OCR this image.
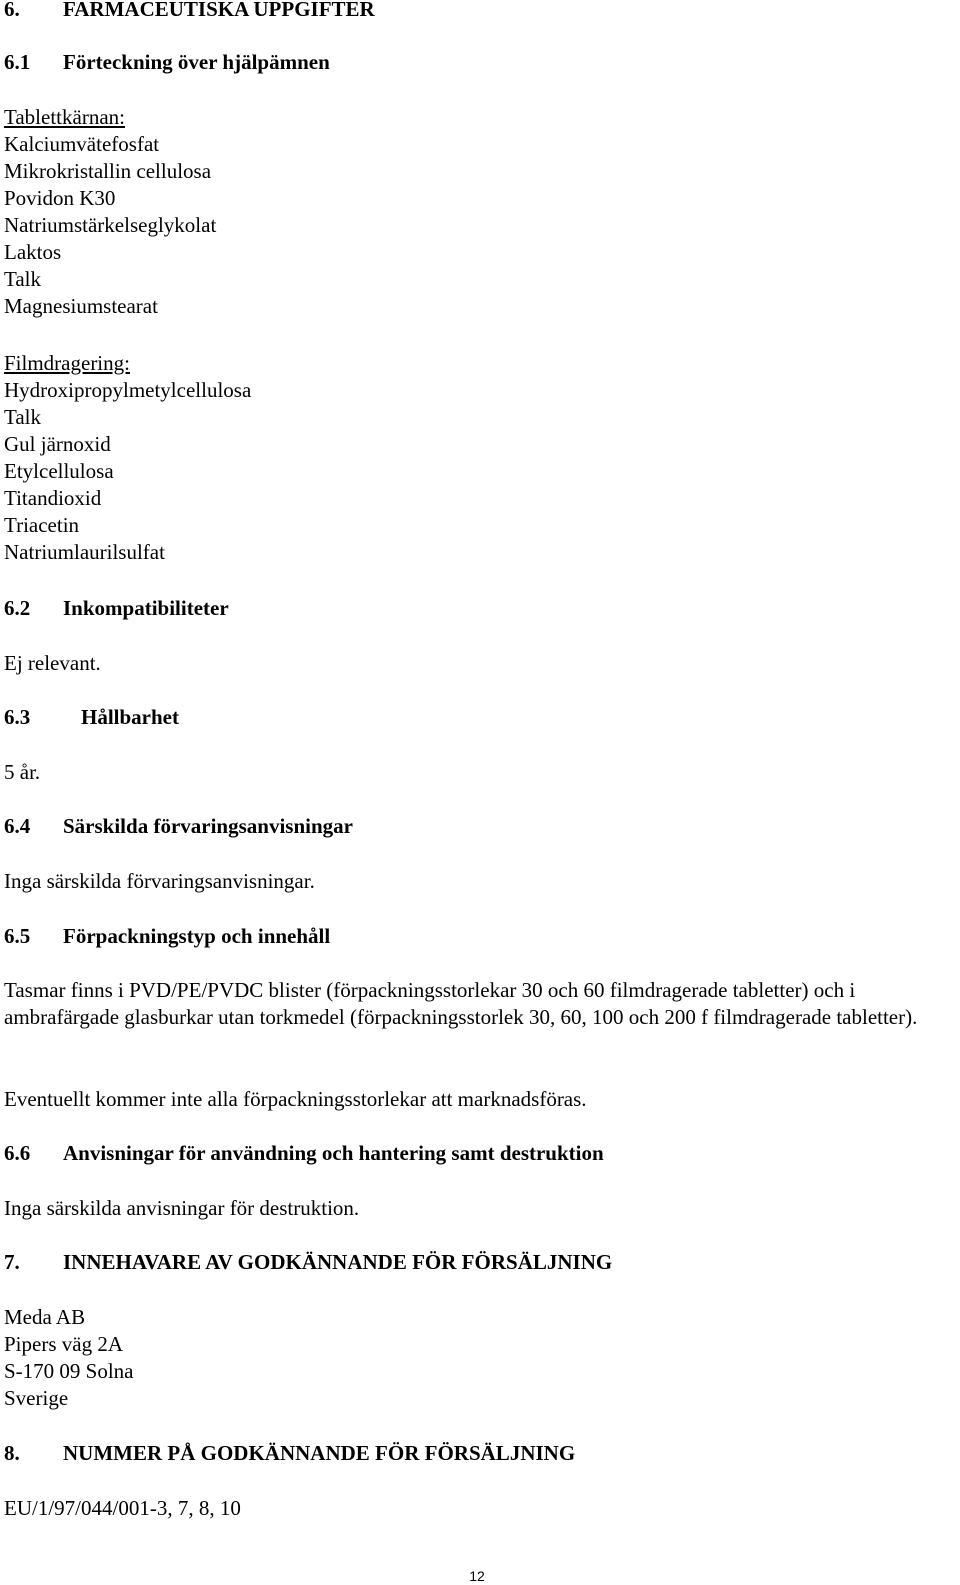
6. FARMACEUTISKA UPPGIFTER

6.1 Förteckning över hjälpämnen

Tablettkärnan:
Kalciumvätefosfat
Mikrokristallin cellulosa
Povidon K30
Natriumstärkelseglykolat
Laktos
Talk
Magnesiumstearat
Filmdragering:
Hydroxipropylmetylcellulosa
Talk
Gul järnoxid
Etylcellulosa
Titandioxid
Triacetin
Natriumlaurilsulfat

6.2 Inkompatibiliteter

Ej relevant.

6.3 Hållbarhet

5 år.

6.4 Särskilda förvaringsanvisningar

Inga särskilda förvaringsanvisningar.

6.5 Förpackningstyp och innehåll

Tasmar finns i PVD/PE/PVDC blister (förpackningsstorlekar 30 och 60 filmdragerade tabletter) och i ambrafärgade glasburkar utan torkmedel (förpackningsstorlek 30, 60, 100 och 200 f filmdragerade tabletter).

Eventuellt kommer inte alla förpackningsstorlekar att marknadsföras.

6.6 Anvisningar för användning och hantering samt destruktion

Inga särskilda anvisningar för destruktion.

7. INNEHAVARE AV GODKÄNNANDE FÖR FÖRSÄLJNING

Meda AB
Pipers väg 2A
S-170 09 Solna
Sverige

8. NUMMER PÅ GODKÄNNANDE FÖR FÖRSÄLJNING

EU/1/97/044/001-3, 7, 8, 10
12
